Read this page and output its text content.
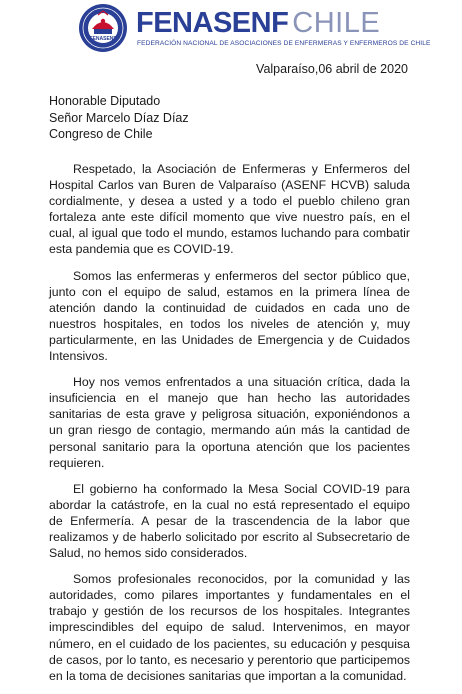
FENASENF FENASENF CHILE
FEDERACIÓN NACIONAL DE ASOCIACIONES DE ENFERMERAS Y ENFERMEROS DE CHILE
Valparaíso,06 abril de 2020
Honorable Diputado
Señor Marcelo Díaz Díaz
Congreso de Chile

Respetado, la Asociación de Enfermeras y Enfermeros del Hospital Carlos van Buren de Valparaíso (ASENF HCVB) saluda cordialmente, y desea a usted y a todo el pueblo chileno gran fortaleza ante este difícil momento que vive nuestro país, en el cual, al igual que todo el mundo, estamos luchando para combatir esta pandemia que es COVID-19.

Somos las enfermeras y enfermeros del sector público que, junto con el equipo de salud, estamos en la primera línea de atención dando la continuidad de cuidados en cada uno de nuestros hospitales, en todos los niveles de atención y, muy particularmente, en las Unidades de Emergencia y de Cuidados Intensivos.

Hoy nos vemos enfrentados a una situación crítica, dada la insuficiencia en el manejo que han hecho las autoridades sanitarias de esta grave y peligrosa situación, exponiéndonos a un gran riesgo de contagio, mermando aún más la cantidad de personal sanitario para la oportuna atención que los pacientes requieren.

El gobierno ha conformado la Mesa Social COVID-19 para abordar la catástrofe, en la cual no está representado el equipo de Enfermería. A pesar de la trascendencia de la labor que realizamos y de haberlo solicitado por escrito al Subsecretario de Salud, no hemos sido considerados.

Somos profesionales reconocidos, por la comunidad y las autoridades, como pilares importantes y fundamentales en el trabajo y gestión de los recursos de los hospitales. Integrantes imprescindibles del equipo de salud. Intervenimos, en mayor número, en el cuidado de los pacientes, su educación y pesquisa de casos, por lo tanto, es necesario y perentorio que participemos en la toma de decisiones sanitarias que importan a la comunidad.
